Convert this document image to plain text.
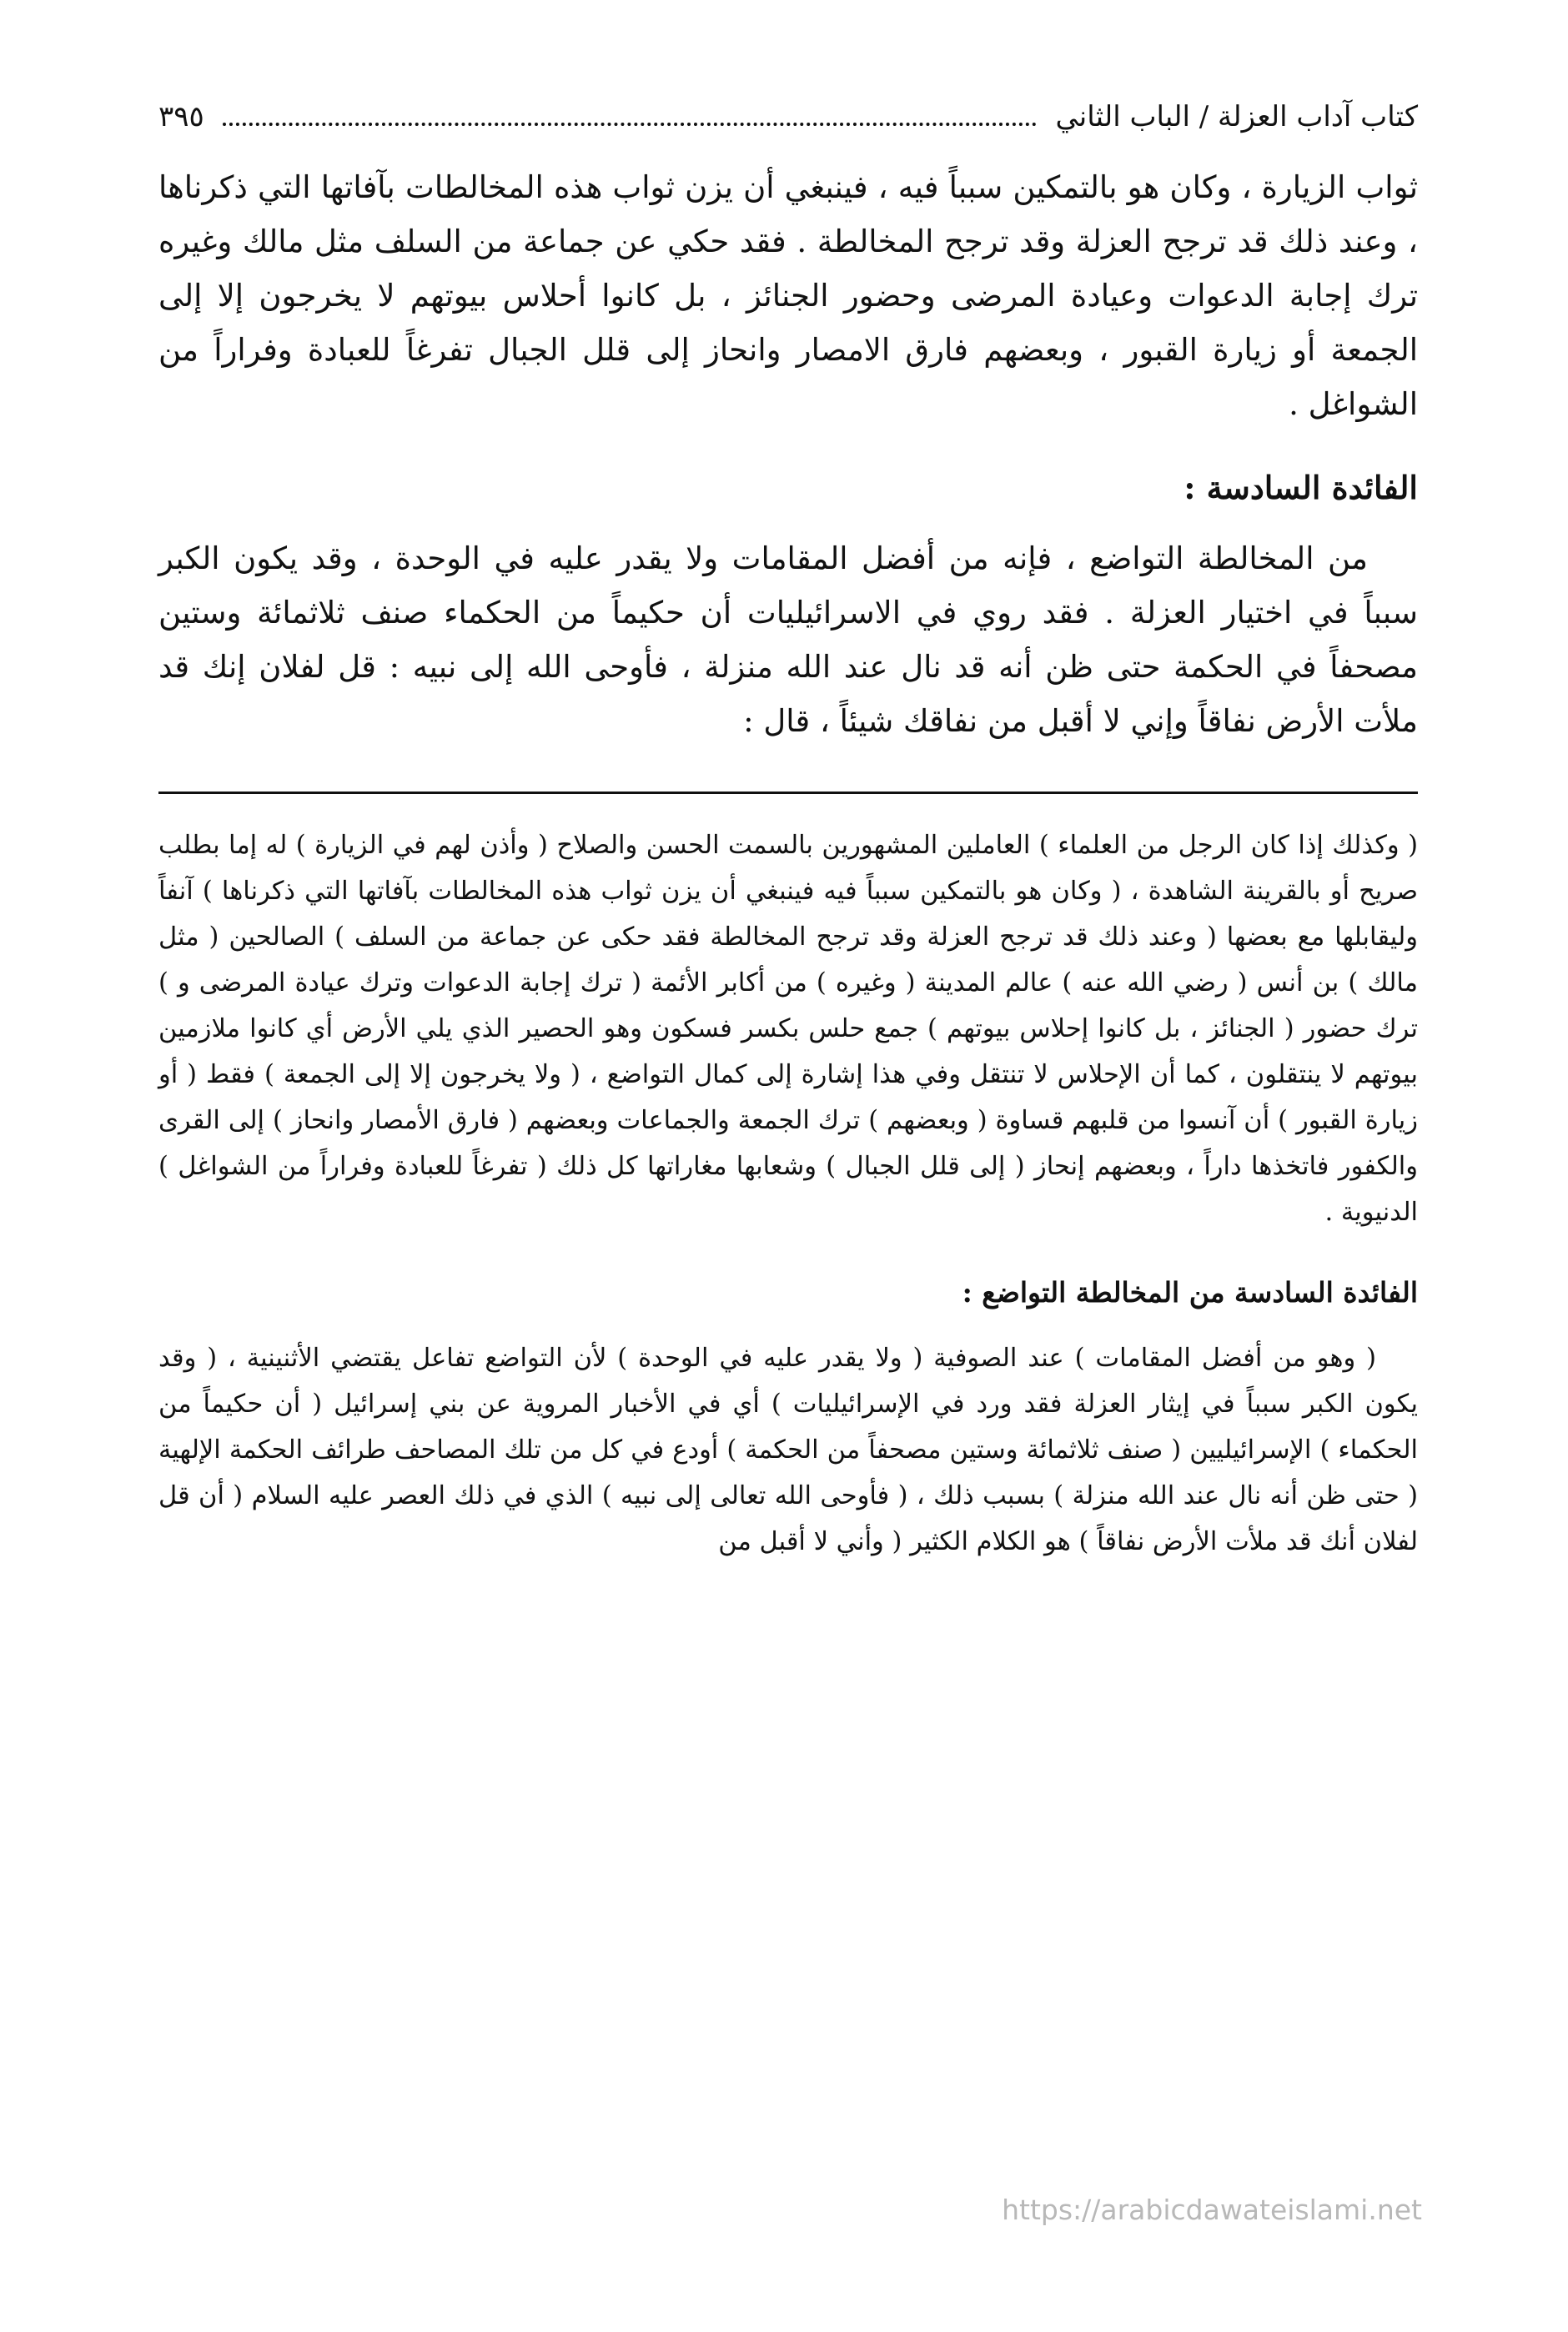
كتاب آداب العزلة / الباب الثاني
٣٩٥

ثواب الزيارة ، وكان هو بالتمكين سبباً فيه ، فينبغي أن يزن ثواب هذه المخالطات بآفاتها التي ذكرناها ، وعند ذلك قد ترجح العزلة وقد ترجح المخالطة . فقد حكي عن جماعة من السلف مثل مالك وغيره ترك إجابة الدعوات وعيادة المرضى وحضور الجنائز ، بل كانوا أحلاس بيوتهم لا يخرجون إلا إلى الجمعة أو زيارة القبور ، وبعضهم فارق الامصار وانحاز إلى قلل الجبال تفرغاً للعبادة وفراراً من الشواغل .

الفائدة السادسة :

من المخالطة التواضع ، فإنه من أفضل المقامات ولا يقدر عليه في الوحدة ، وقد يكون الكبر سبباً في اختيار العزلة . فقد روي في الاسرائيليات أن حكيماً من الحكماء صنف ثلاثمائة وستين مصحفاً في الحكمة حتى ظن أنه قد نال عند الله منزلة ، فأوحى الله إلى نبيه : قل لفلان إنك قد ملأت الأرض نفاقاً وإني لا أقبل من نفاقك شيئاً ، قال :

( وكذلك إذا كان الرجل من العلماء ) العاملين المشهورين بالسمت الحسن والصلاح ( وأذن لهم في الزيارة ) له إما بطلب صريح أو بالقرينة الشاهدة ، ( وكان هو بالتمكين سبباً فيه فينبغي أن يزن ثواب هذه المخالطات بآفاتها التي ذكرناها ) آنفاً وليقابلها مع بعضها ( وعند ذلك قد ترجح العزلة وقد ترجح المخالطة فقد حكى عن جماعة من السلف ) الصالحين ( مثل مالك ) بن أنس ( رضي الله عنه ) عالم المدينة ( وغيره ) من أكابر الأئمة ( ترك إجابة الدعوات وترك عيادة المرضى و ) ترك حضور ( الجنائز ، بل كانوا إحلاس بيوتهم ) جمع حلس بكسر فسكون وهو الحصير الذي يلي الأرض أي كانوا ملازمين بيوتهم لا ينتقلون ، كما أن الإحلاس لا تنتقل وفي هذا إشارة إلى كمال التواضع ، ( ولا يخرجون إلا إلى الجمعة ) فقط ( أو زيارة القبور ) أن آنسوا من قلبهم قساوة ( وبعضهم ) ترك الجمعة والجماعات وبعضهم ( فارق الأمصار وانحاز ) إلى القرى والكفور فاتخذها داراً ، وبعضهم إنحاز ( إلى قلل الجبال ) وشعابها مغاراتها كل ذلك ( تفرغاً للعبادة وفراراً من الشواغل ) الدنيوية .

الفائدة السادسة من المخالطة التواضع :

( وهو من أفضل المقامات ) عند الصوفية ( ولا يقدر عليه في الوحدة ) لأن التواضع تفاعل يقتضي الأثنينية ، ( وقد يكون الكبر سبباً في إيثار العزلة فقد ورد في الإسرائيليات ) أي في الأخبار المروية عن بني إسرائيل ( أن حكيماً من الحكماء ) الإسرائيليين ( صنف ثلاثمائة وستين مصحفاً من الحكمة ) أودع في كل من تلك المصاحف طرائف الحكمة الإلهية ( حتى ظن أنه نال عند الله منزلة ) بسبب ذلك ، ( فأوحى الله تعالى إلى نبيه ) الذي في ذلك العصر عليه السلام ( أن قل لفلان أنك قد ملأت الأرض نفاقاً ) هو الكلام الكثير ( وأني لا أقبل من

https://arabicdawateislami.net
